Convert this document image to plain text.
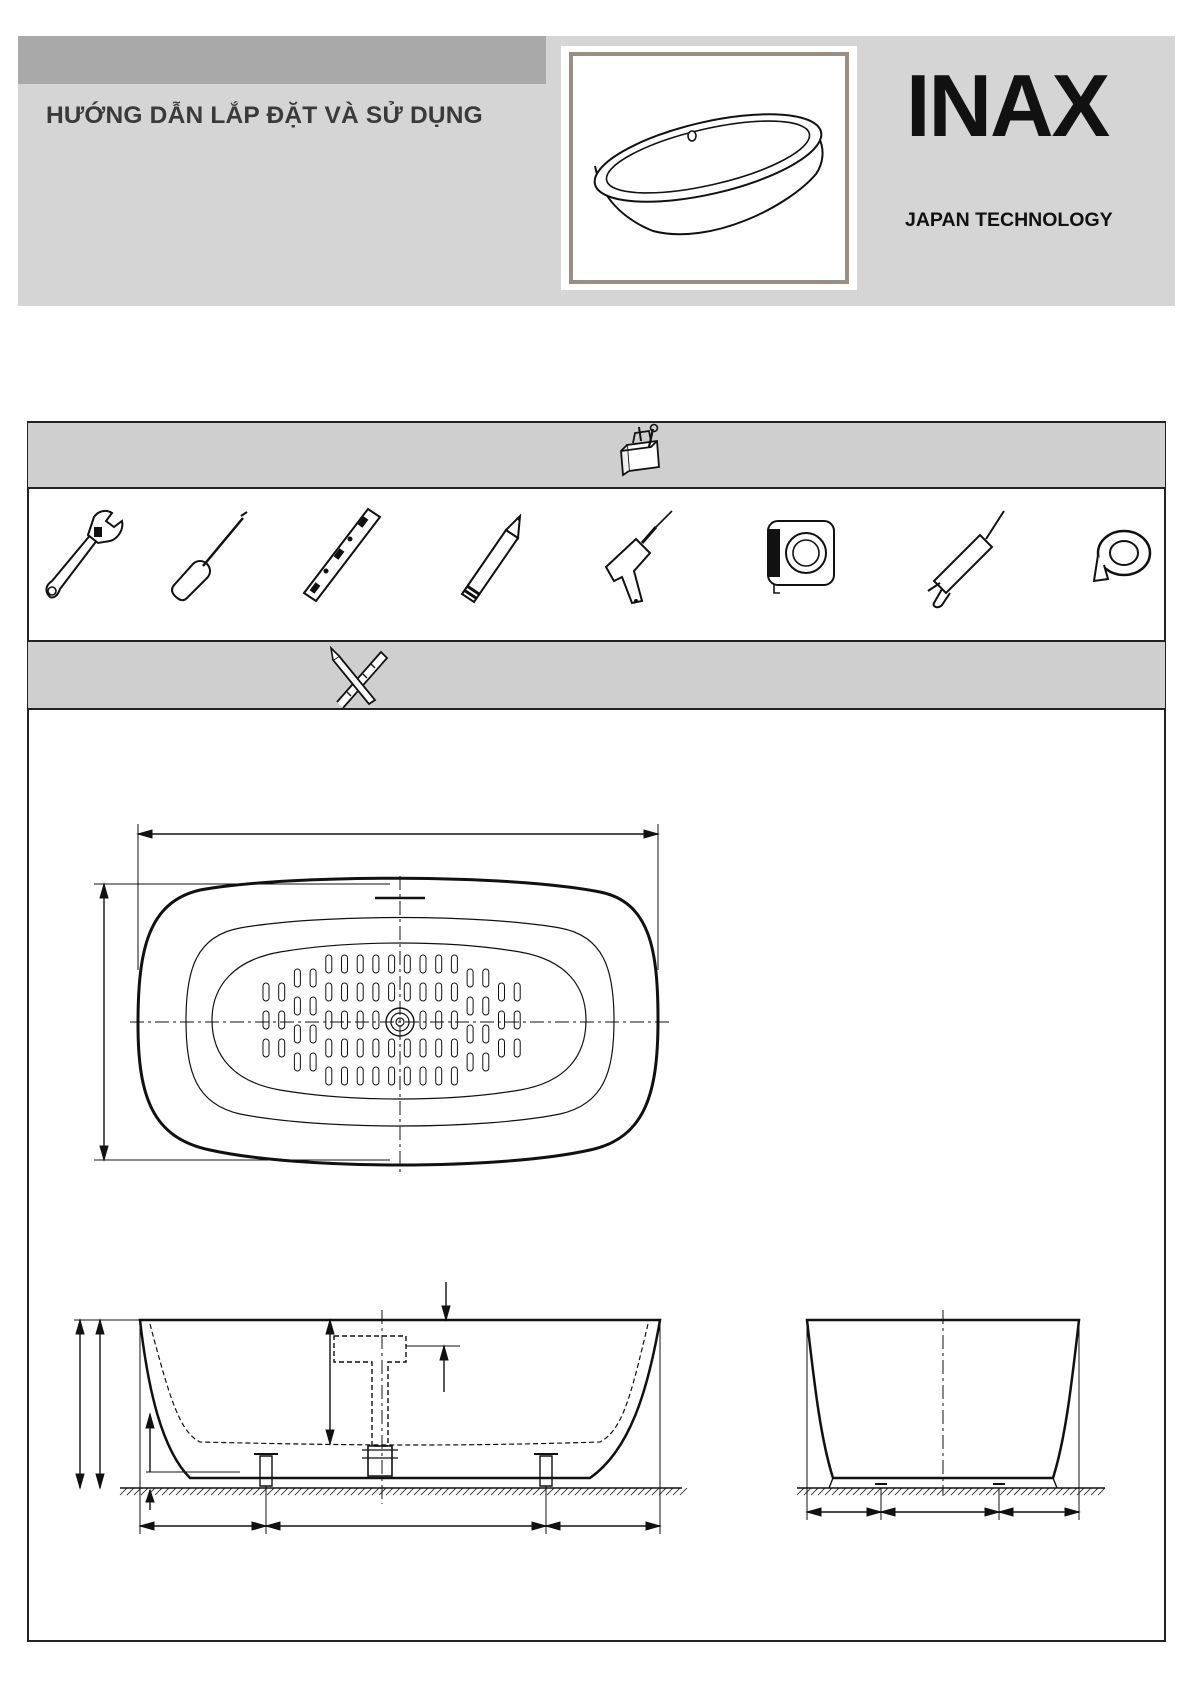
HƯỚNG DẪN LẮP ĐẶT VÀ SỬ DỤNG	INAX
JAPAN TECHNOLOGY
